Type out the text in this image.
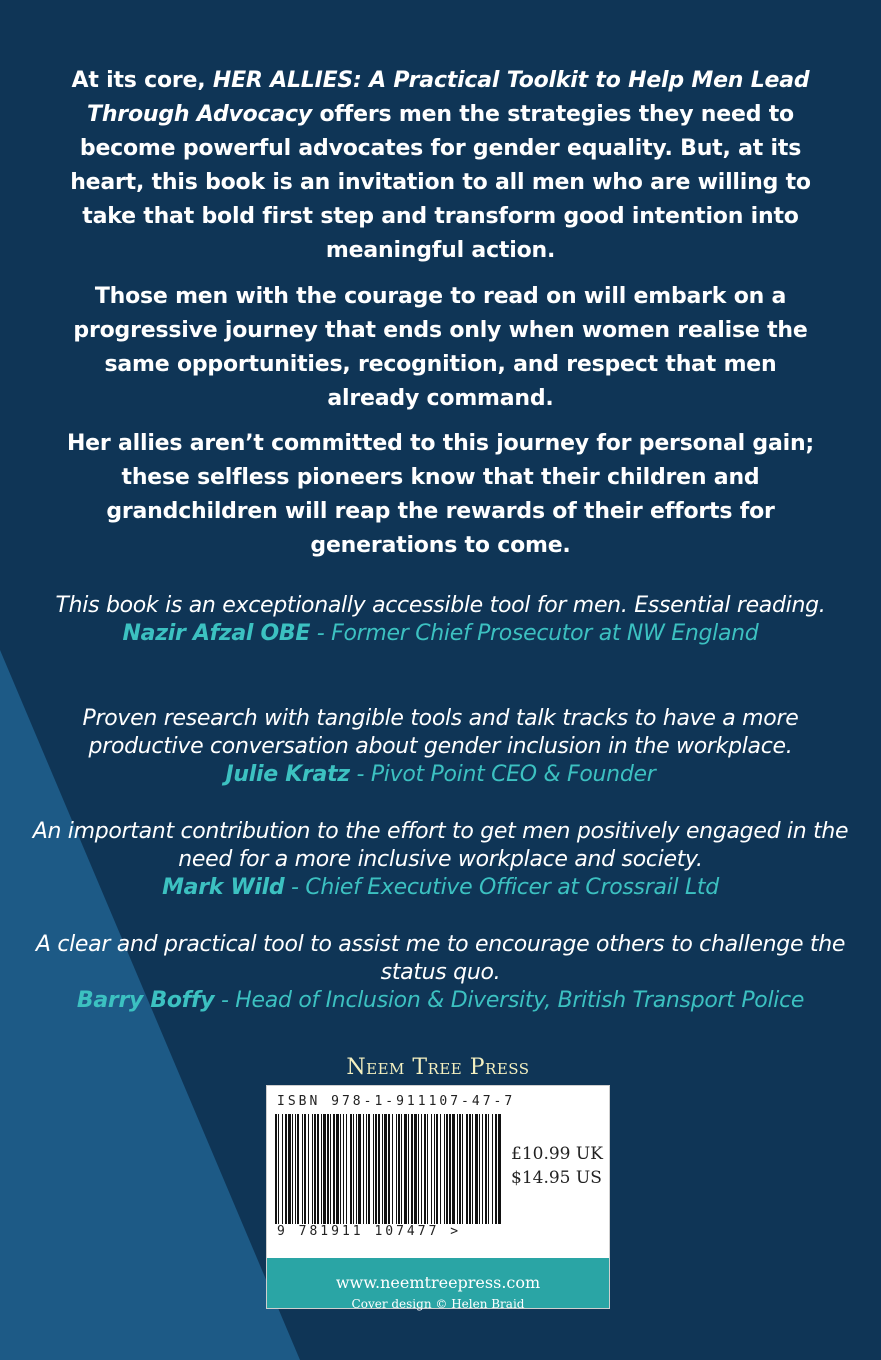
At its core, HER ALLIES: A Practical Toolkit to Help Men Lead Through Advocacy offers men the strategies they need to become powerful advocates for gender equality. But, at its heart, this book is an invitation to all men who are willing to take that bold first step and transform good intention into meaningful action.
Those men with the courage to read on will embark on a progressive journey that ends only when women realise the same opportunities, recognition, and respect that men already command.
Her allies aren’t committed to this journey for personal gain; these selfless pioneers know that their children and grandchildren will reap the rewards of their efforts for generations to come.
This book is an exceptionally accessible tool for men. Essential reading.
Nazir Afzal OBE - Former Chief Prosecutor at NW England
Proven research with tangible tools and talk tracks to have a more productive conversation about gender inclusion in the workplace.
Julie Kratz - Pivot Point CEO & Founder
An important contribution to the effort to get men positively engaged in the need for a more inclusive workplace and society.
Mark Wild - Chief Executive Officer at Crossrail Ltd
A clear and practical tool to assist me to encourage others to challenge the status quo.
Barry Boffy - Head of Inclusion & Diversity, British Transport Police
Neem Tree Press
ISBN 978-1-911107-47-7
£10.99 UK
$14.95 US
9 781911 107477 >
www.neemtreepress.com
Cover design © Helen Braid
